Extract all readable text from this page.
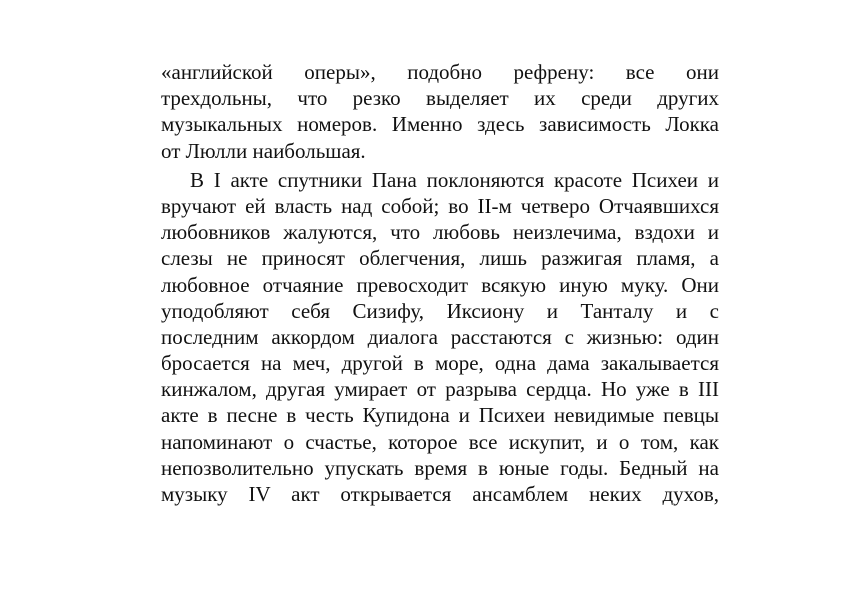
«английской оперы», подобно рефрену: все они
трехдольны, что резко выделяет их среди других
музыкальных номеров. Именно здесь зависимость Локка
от Люлли наибольшая.
В I акте спутники Пана поклоняются красоте Психеи и
вручают ей власть над собой; во II-м четверо Отчаявшихся
любовников жалуются, что любовь неизлечима, вздохи и
слезы не приносят облегчения, лишь разжигая пламя, а
любовное отчаяние превосходит всякую иную муку. Они
уподобляют себя Сизифу, Иксиону и Танталу и с
последним аккордом диалога расстаются с жизнью: один
бросается на меч, другой в море, одна дама закалывается
кинжалом, другая умирает от разрыва сердца. Но уже в III
акте в песне в честь Купидона и Психеи невидимые певцы
напоминают о счастье, которое все искупит, и о том, как
непозволительно упускать время в юные годы. Бедный на
музыку IV акт открывается ансамблем неких духов,
